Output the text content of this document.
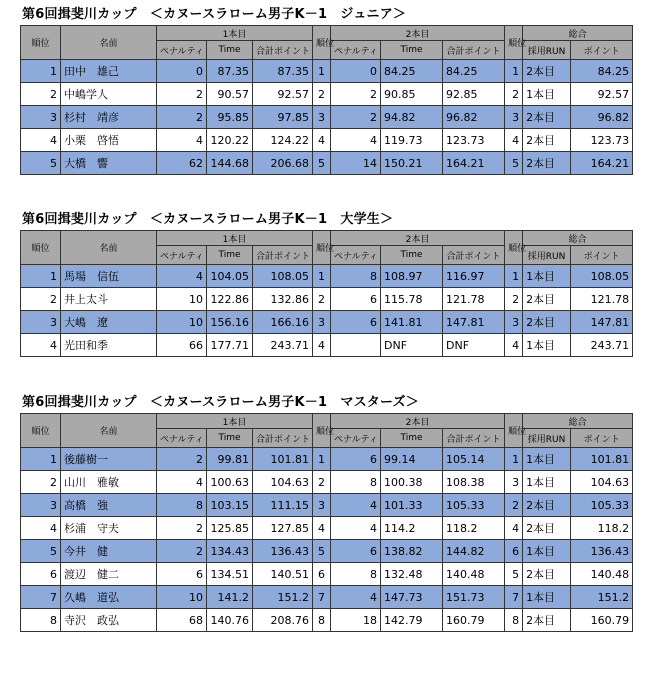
第6回揖斐川カップ　＜カヌースラローム男子K－1　ジュニア＞
順位	名前	1本目			順位	2本目			順位	総合	
		ペナルティ	Time	合計ポイント		ペナルティ	Time	合計ポイント		採用RUN	ポイント
1	田中　雄己	0	87.35	87.35	1	0	84.25	84.25	1	2本目	84.25
2	中嶋学人	2	90.57	92.57	2	2	90.85	92.85	2	1本目	92.57
3	杉村　靖彦	2	95.85	97.85	3	2	94.82	96.82	3	2本目	96.82
4	小栗　啓悟	4	120.22	124.22	4	4	119.73	123.73	4	2本目	123.73
5	大橋　響	62	144.68	206.68	5	14	150.21	164.21	5	2本目	164.21
第6回揖斐川カップ　＜カヌースラローム男子K－1　大学生＞
順位	名前	1本目			順位	2本目			順位	総合	
		ペナルティ	Time	合計ポイント		ペナルティ	Time	合計ポイント		採用RUN	ポイント
1	馬場　信伍	4	104.05	108.05	1	8	108.97	116.97	1	1本目	108.05
2	井上太斗	10	122.86	132.86	2	6	115.78	121.78	2	2本目	121.78
3	大嶋　遼	10	156.16	166.16	3	6	141.81	147.81	3	2本目	147.81
4	光田和季	66	177.71	243.71	4		DNF	DNF	4	1本目	243.71
第6回揖斐川カップ　＜カヌースラローム男子K－1　マスターズ＞
順位	名前	1本目			順位	2本目			順位	総合	
		ペナルティ	Time	合計ポイント		ペナルティ	Time	合計ポイント		採用RUN	ポイント
1	後藤樹一	2	99.81	101.81	1	6	99.14	105.14	1	1本目	101.81
2	山川　雅敏	4	100.63	104.63	2	8	100.38	108.38	3	1本目	104.63
3	高橋　強	8	103.15	111.15	3	4	101.33	105.33	2	2本目	105.33
4	杉浦　守夫	2	125.85	127.85	4	4	114.2	118.2	4	2本目	118.2
5	今井　健	2	134.43	136.43	5	6	138.82	144.82	6	1本目	136.43
6	渡辺　健二	6	134.51	140.51	6	8	132.48	140.48	5	2本目	140.48
7	久嶋　道弘	10	141.2	151.2	7	4	147.73	151.73	7	1本目	151.2
8	寺沢　政弘	68	140.76	208.76	8	18	142.79	160.79	8	2本目	160.79
